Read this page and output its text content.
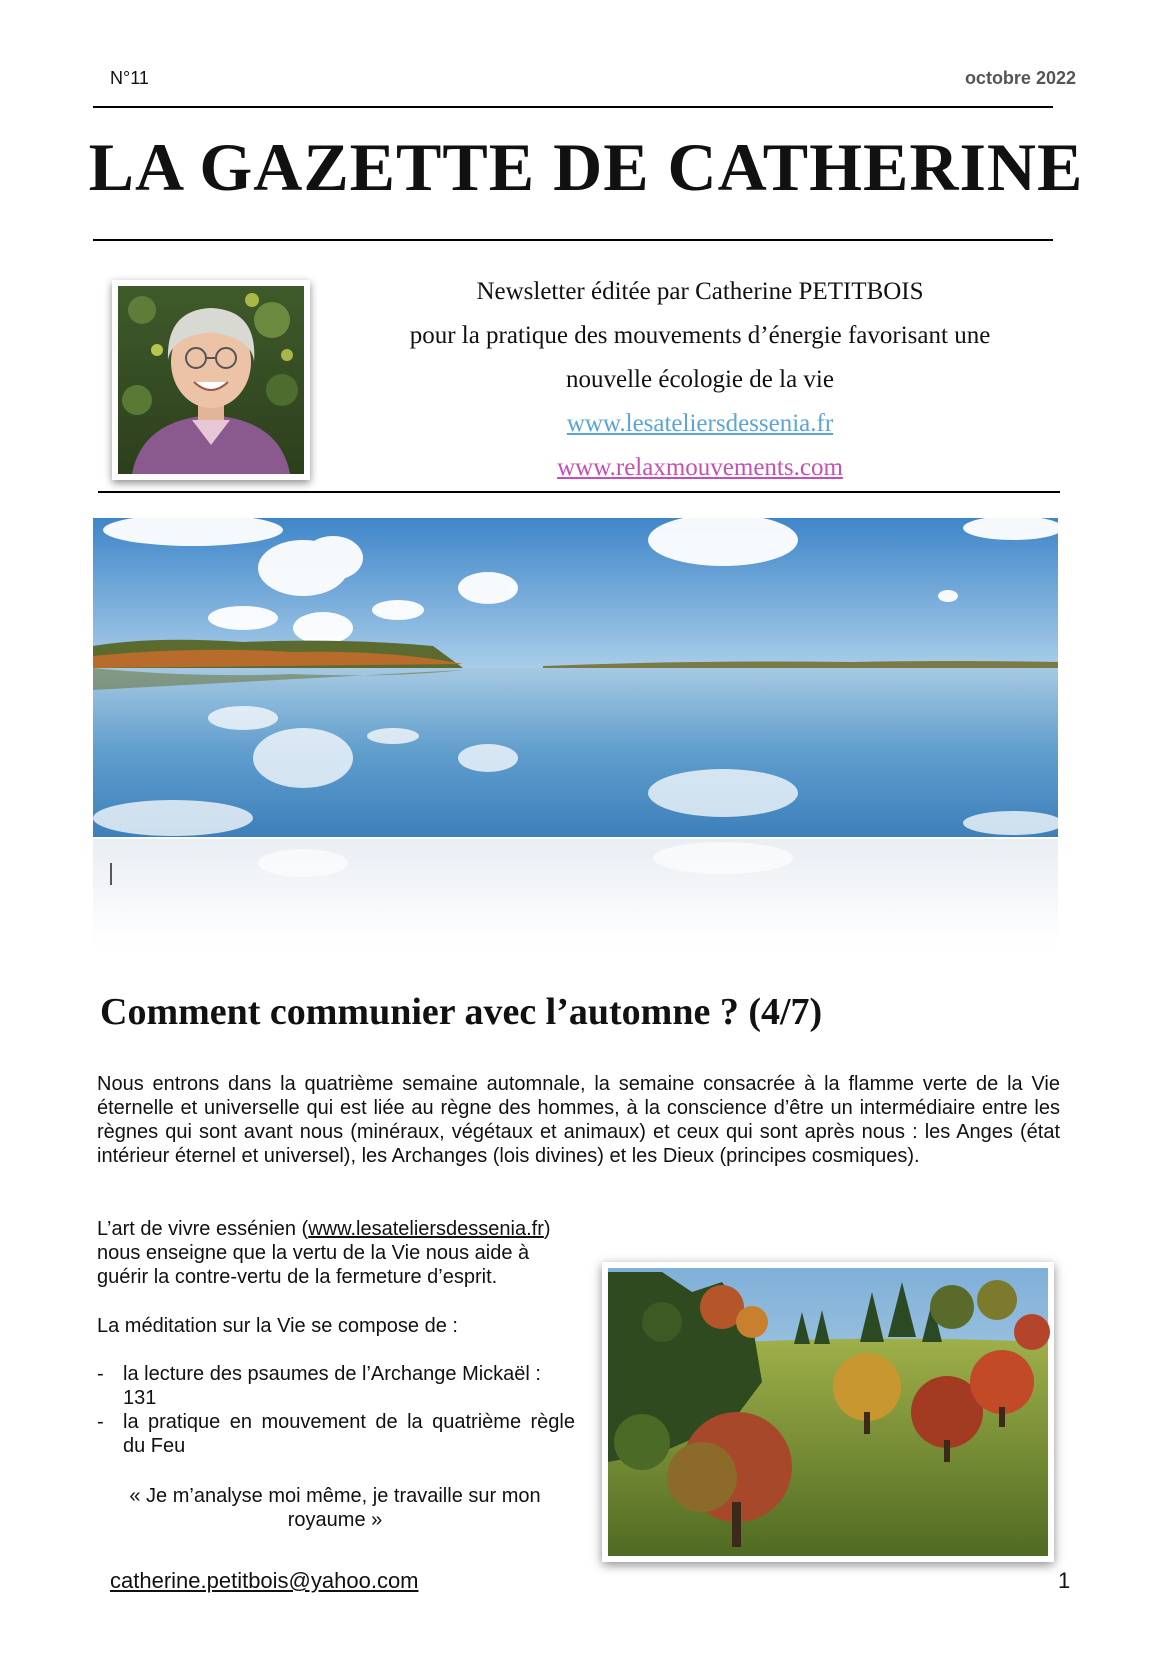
N°11	octobre 2022
LA GAZETTE DE CATHERINE
Newsletter éditée par Catherine PETITBOIS
pour la pratique des mouvements d’énergie favorisant une
nouvelle écologie de la vie
www.lesateliersdessenia.fr
www.relaxmouvements.com
Comment communier avec l’automne ? (4/7)
Nous entrons dans la quatrième semaine automnale, la semaine consacrée à la flamme verte de la Vie éternelle et universelle qui est liée au règne des hommes, à la conscience d’être un intermédiaire entre les règnes qui sont avant nous (minéraux, végétaux et animaux) et ceux qui sont après nous : les Anges (état intérieur éternel et universel), les Archanges (lois divines) et les Dieux (principes cosmiques).
L’art de vivre essénien (www.lesateliersdessenia.fr) nous enseigne que la vertu de la Vie nous aide à guérir la contre-vertu de la fermeture d’esprit.
La méditation sur la Vie se compose de :
- la lecture des psaumes de l’Archange Mickaël : 131
- la pratique en mouvement de la quatrième règle du Feu
« Je m’analyse moi même, je travaille sur mon royaume »
catherine.petitbois@yahoo.com	1
